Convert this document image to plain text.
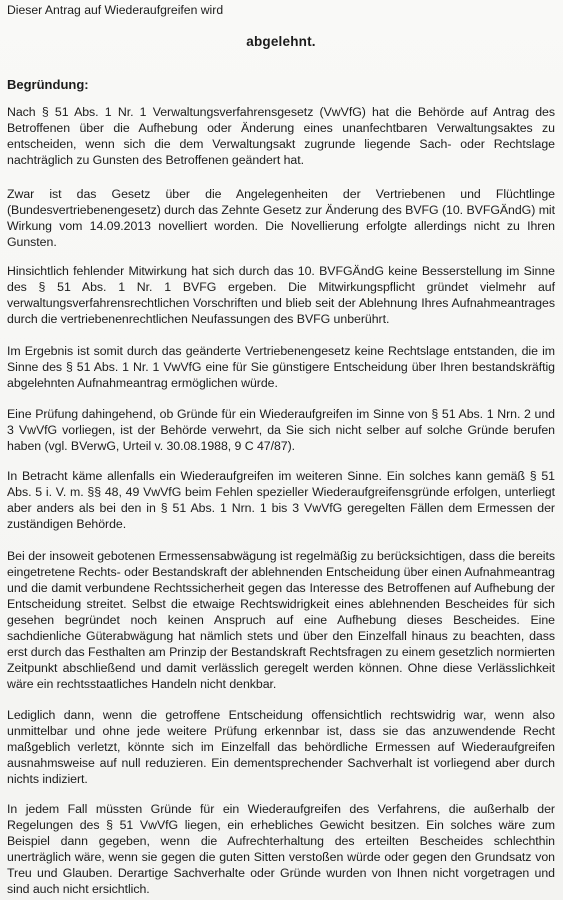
Dieser Antrag auf Wiederaufgreifen wird

abgelehnt.

Begründung:

Nach § 51 Abs. 1 Nr. 1 Verwaltungsverfahrensgesetz (VwVfG) hat die Behörde auf Antrag des Betroffenen über die Aufhebung oder Änderung eines unanfechtbaren Verwaltungsaktes zu entscheiden, wenn sich die dem Verwaltungsakt zugrunde liegende Sach- oder Rechtslage nachträglich zu Gunsten des Betroffenen geändert hat.

Zwar ist das Gesetz über die Angelegenheiten der Vertriebenen und Flüchtlinge (Bundesvertriebenengesetz) durch das Zehnte Gesetz zur Änderung des BVFG (10. BVFGÄndG) mit Wirkung vom 14.09.2013 novelliert worden. Die Novellierung erfolgte allerdings nicht zu Ihren Gunsten.

Hinsichtlich fehlender Mitwirkung hat sich durch das 10. BVFGÄndG keine Besserstellung im Sinne des § 51 Abs. 1 Nr. 1 BVFG ergeben. Die Mitwirkungspflicht gründet vielmehr auf verwaltungsverfahrensrechtlichen Vorschriften und blieb seit der Ablehnung Ihres Aufnahmeantrages durch die vertriebenenrechtlichen Neufassungen des BVFG unberührt.

Im Ergebnis ist somit durch das geänderte Vertriebenengesetz keine Rechtslage entstanden, die im Sinne des § 51 Abs. 1 Nr. 1 VwVfG eine für Sie günstigere Entscheidung über Ihren bestandskräftig abgelehnten Aufnahmeantrag ermöglichen würde.

Eine Prüfung dahingehend, ob Gründe für ein Wiederaufgreifen im Sinne von § 51 Abs. 1 Nrn. 2 und 3 VwVfG vorliegen, ist der Behörde verwehrt, da Sie sich nicht selber auf solche Gründe berufen haben (vgl. BVerwG, Urteil v. 30.08.1988, 9 C 47/87).

In Betracht käme allenfalls ein Wiederaufgreifen im weiteren Sinne. Ein solches kann gemäß § 51 Abs. 5 i. V. m. §§ 48, 49 VwVfG beim Fehlen spezieller Wiederaufgreifensgründe erfolgen, unterliegt aber anders als bei den in § 51 Abs. 1 Nrn. 1 bis 3 VwVfG geregelten Fällen dem Ermessen der zuständigen Behörde.

Bei der insoweit gebotenen Ermessensabwägung ist regelmäßig zu berücksichtigen, dass die bereits eingetretene Rechts- oder Bestandskraft der ablehnenden Entscheidung über einen Aufnahmeantrag und die damit verbundene Rechtssicherheit gegen das Interesse des Betroffenen auf Aufhebung der Entscheidung streitet. Selbst die etwaige Rechtswidrigkeit eines ablehnenden Bescheides für sich gesehen begründet noch keinen Anspruch auf eine Aufhebung dieses Bescheides. Eine sachdienliche Güterabwägung hat nämlich stets und über den Einzelfall hinaus zu beachten, dass erst durch das Festhalten am Prinzip der Bestandskraft Rechtsfragen zu einem gesetzlich normierten Zeitpunkt abschließend und damit verlässlich geregelt werden können. Ohne diese Verlässlichkeit wäre ein rechtsstaatliches Handeln nicht denkbar.

Lediglich dann, wenn die getroffene Entscheidung offensichtlich rechtswidrig war, wenn also unmittelbar und ohne jede weitere Prüfung erkennbar ist, dass sie das anzuwendende Recht maßgeblich verletzt, könnte sich im Einzelfall das behördliche Ermessen auf Wiederaufgreifen ausnahmsweise auf null reduzieren. Ein dementsprechender Sachverhalt ist vorliegend aber durch nichts indiziert.

In jedem Fall müssten Gründe für ein Wiederaufgreifen des Verfahrens, die außerhalb der Regelungen des § 51 VwVfG liegen, ein erhebliches Gewicht besitzen. Ein solches wäre zum Beispiel dann gegeben, wenn die Aufrechterhaltung des erteilten Bescheides schlechthin unerträglich wäre, wenn sie gegen die guten Sitten verstoßen würde oder gegen den Grundsatz von Treu und Glauben. Derartige Sachverhalte oder Gründe wurden von Ihnen nicht vorgetragen und sind auch nicht ersichtlich.
